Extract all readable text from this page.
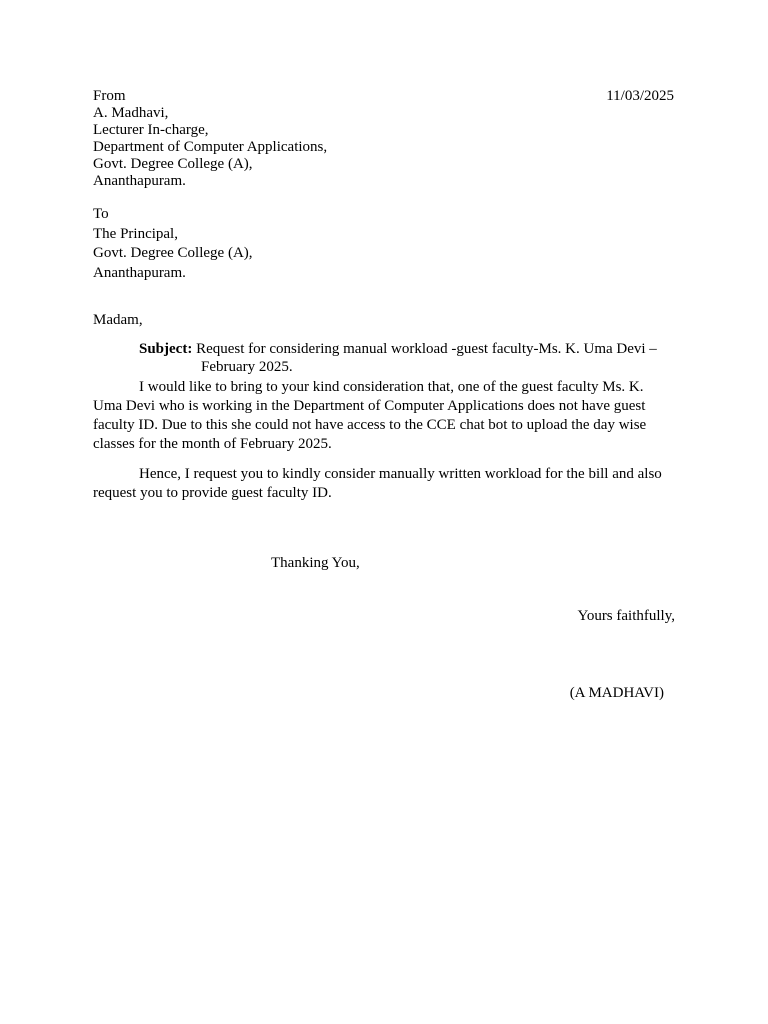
From
A. Madhavi,
Lecturer In-charge,
Department of Computer Applications,
Govt. Degree College (A),
Ananthapuram.
11/03/2025
To
The Principal,
Govt. Degree College (A),
Ananthapuram.
Madam,
Subject: Request for considering manual workload -guest faculty-Ms. K. Uma Devi –
February 2025.
I would like to bring to your kind consideration that, one of the guest faculty Ms. K. Uma Devi who is working in the Department of Computer Applications does not have guest faculty ID. Due to this she could not have access to the CCE chat bot to upload the day wise classes for the month of February 2025.
Hence, I request you to kindly consider manually written workload for the bill and also request you to provide guest faculty ID.
Thanking You,
Yours faithfully,
(A MADHAVI)
